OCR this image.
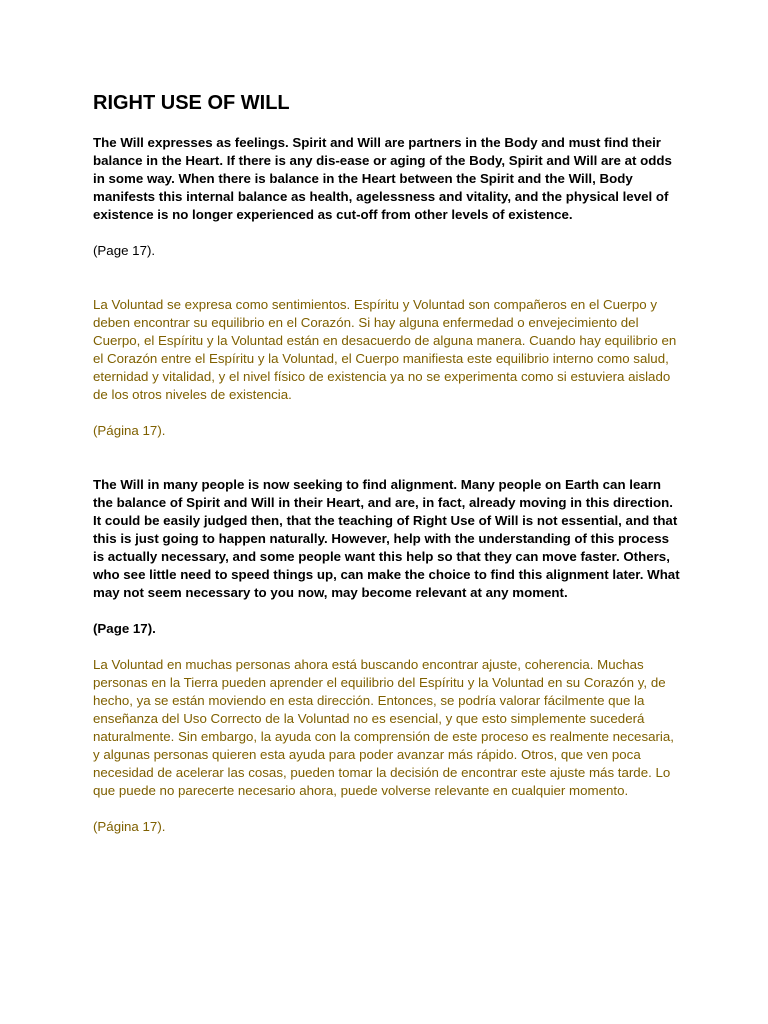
RIGHT USE OF WILL

The Will expresses as feelings. Spirit and Will are partners in the Body and must find their balance in the Heart. If there is any dis-ease or aging of the Body, Spirit and Will are at odds in some way. When there is balance in the Heart between the Spirit and the Will, Body manifests this internal balance as health, agelessness and vitality, and the physical level of existence is no longer experienced as cut-off from other levels of existence.

(Page 17).

La Voluntad se expresa como sentimientos. Espíritu y Voluntad son compañeros en el Cuerpo y deben encontrar su equilibrio en el Corazón. Si hay alguna enfermedad o envejecimiento del Cuerpo, el Espíritu y la Voluntad están en desacuerdo de alguna manera. Cuando hay equilibrio en el Corazón entre el Espíritu y la Voluntad, el Cuerpo manifiesta este equilibrio interno como salud, eternidad y vitalidad, y el nivel físico de existencia ya no se experimenta como si estuviera aislado de los otros niveles de existencia.

(Página 17).

The Will in many people is now seeking to find alignment. Many people on Earth can learn the balance of Spirit and Will in their Heart, and are, in fact, already moving in this direction. It could be easily judged then, that the teaching of Right Use of Will is not essential, and that this is just going to happen naturally. However, help with the understanding of this process is actually necessary, and some people want this help so that they can move faster. Others, who see little need to speed things up, can make the choice to find this alignment later. What may not seem necessary to you now, may become relevant at any moment.

(Page 17).

La Voluntad en muchas personas ahora está buscando encontrar ajuste, coherencia. Muchas personas en la Tierra pueden aprender el equilibrio del Espíritu y la Voluntad en su Corazón y, de hecho, ya se están moviendo en esta dirección. Entonces, se podría valorar fácilmente que la enseñanza del Uso Correcto de la Voluntad no es esencial, y que esto simplemente sucederá naturalmente. Sin embargo, la ayuda con la comprensión de este proceso es realmente necesaria, y algunas personas quieren esta ayuda para poder avanzar más rápido. Otros, que ven poca necesidad de acelerar las cosas, pueden tomar la decisión de encontrar este ajuste más tarde. Lo que puede no parecerte necesario ahora, puede volverse relevante en cualquier momento.

(Página 17).
